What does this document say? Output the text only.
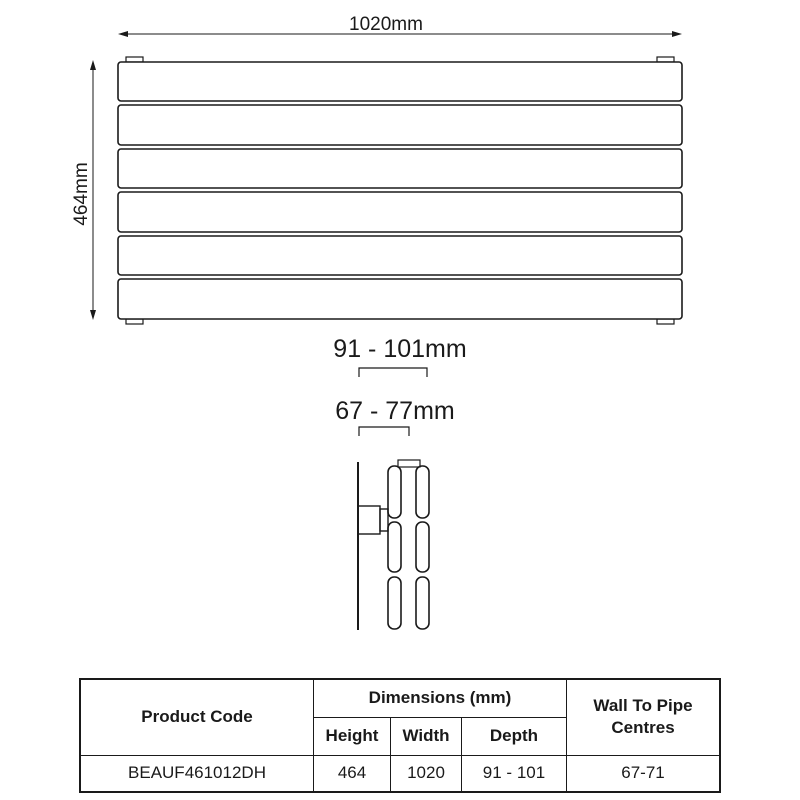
1020mm
464mm
91 - 101mm
67 - 77mm
Product Code	Dimensions (mm)			Wall To Pipe Centres
	Height	Width	Depth	
BEAUF461012DH	464	1020	91 - 101	67-71
